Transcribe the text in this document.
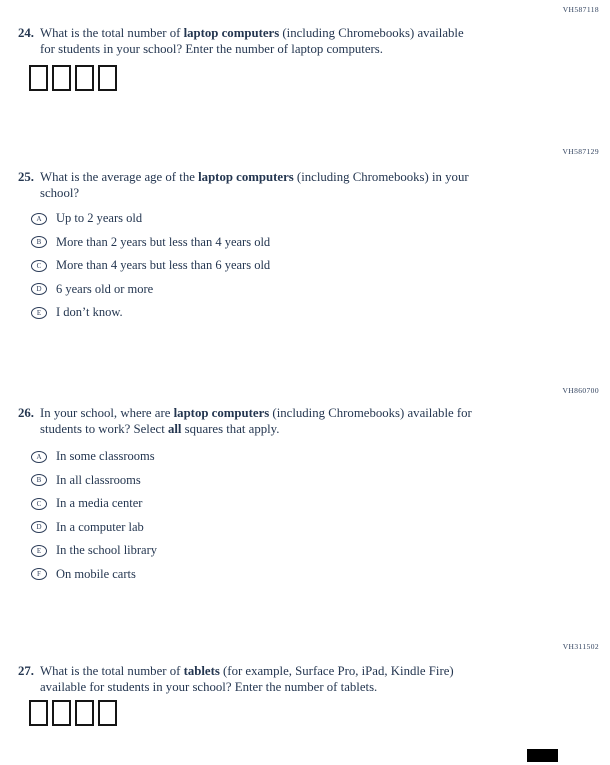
VH587118
24. What is the total number of laptop computers (including Chromebooks) available
for students in your school? Enter the number of laptop computers.
VH587129
25. What is the average age of the laptop computers (including Chromebooks) in your
school?
A	Up to 2 years old
B	More than 2 years but less than 4 years old
C	More than 4 years but less than 6 years old
D	6 years old or more
E	I don’t know.
VH860700
26. In your school, where are laptop computers (including Chromebooks) available for
students to work? Select all squares that apply.
A	In some classrooms
B	In all classrooms
C	In a media center
D	In a computer lab
E	In the school library
F	On mobile carts
VH311502
27. What is the total number of tablets (for example, Surface Pro, iPad, Kindle Fire)
available for students in your school? Enter the number of tablets.
